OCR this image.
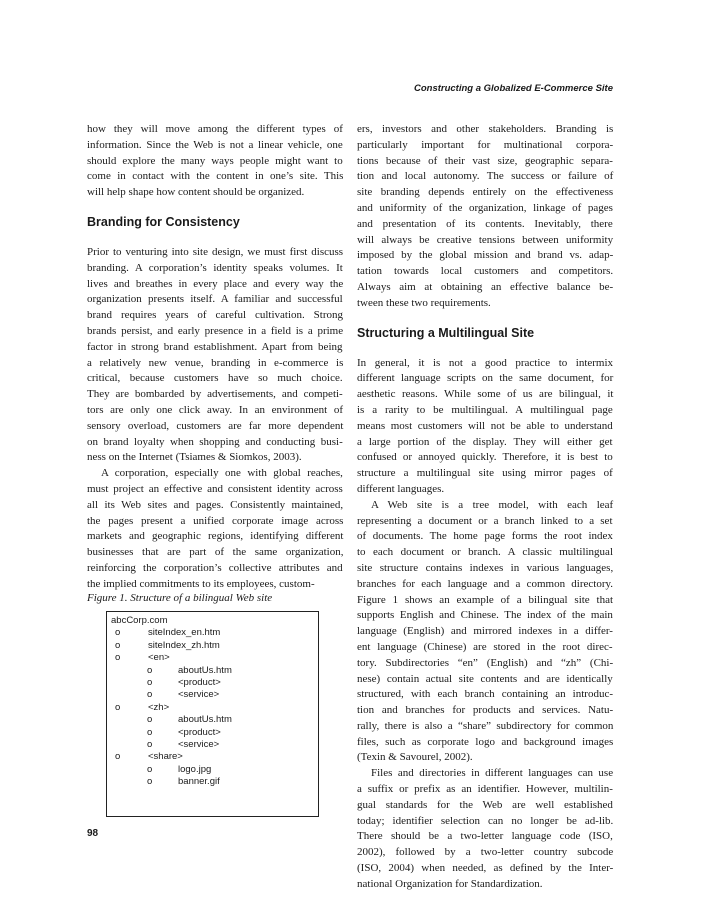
Constructing a Globalized E-Commerce Site
how they will move among the different types of
information. Since the Web is not a linear vehicle, one
should explore the many ways people might want to
come in contact with the content in one’s site. This
will help shape how content should be organized.
Branding for Consistency
Prior to venturing into site design, we must first discuss
branding. A corporation’s identity speaks volumes. It
lives and breathes in every place and every way the
organization presents itself. A familiar and successful
brand requires years of careful cultivation. Strong
brands persist, and early presence in a field is a prime
factor in strong brand establishment. Apart from being
a relatively new venue, branding in e-commerce is
critical, because customers have so much choice.
They are bombarded by advertisements, and competi-
tors are only one click away. In an environment of
sensory overload, customers are far more dependent
on brand loyalty when shopping and conducting busi-
ness on the Internet (Tsiames & Siomkos, 2003).
A corporation, especially one with global reaches,
must project an effective and consistent identity across
all its Web sites and pages. Consistently maintained,
the pages present a unified corporate image across
markets and geographic regions, identifying different
businesses that are part of the same organization,
reinforcing the corporation’s collective attributes and
the implied commitments to its employees, custom-
Figure 1. Structure of a bilingual Web site
abcCorp.com
o	siteIndex_en.htm
o	siteIndex_zh.htm
o	<en>
o	aboutUs.htm
o	<product>
o	<service>
o	<zh>
o	aboutUs.htm
o	<product>
o	<service>
o	<share>
o	logo.jpg
o	banner.gif
ers, investors and other stakeholders. Branding is
particularly important for multinational corpora-
tions because of their vast size, geographic separa-
tion and local autonomy. The success or failure of
site branding depends entirely on the effectiveness
and uniformity of the organization, linkage of pages
and presentation of its contents. Inevitably, there
will always be creative tensions between uniformity
imposed by the global mission and brand vs. adap-
tation towards local customers and competitors.
Always aim at obtaining an effective balance be-
tween these two requirements.
Structuring a Multilingual Site
In general, it is not a good practice to intermix
different language scripts on the same document, for
aesthetic reasons. While some of us are bilingual, it
is a rarity to be multilingual. A multilingual page
means most customers will not be able to understand
a large portion of the display. They will either get
confused or annoyed quickly. Therefore, it is best to
structure a multilingual site using mirror pages of
different languages.
A Web site is a tree model, with each leaf
representing a document or a branch linked to a set
of documents. The home page forms the root index
to each document or branch. A classic multilingual
site structure contains indexes in various languages,
branches for each language and a common directory.
Figure 1 shows an example of a bilingual site that
supports English and Chinese. The index of the main
language (English) and mirrored indexes in a differ-
ent language (Chinese) are stored in the root direc-
tory. Subdirectories “en” (English) and “zh” (Chi-
nese) contain actual site contents and are identically
structured, with each branch containing an introduc-
tion and branches for products and services. Natu-
rally, there is also a “share” subdirectory for common
files, such as corporate logo and background images
(Texin & Savourel, 2002).
Files and directories in different languages can use
a suffix or prefix as an identifier. However, multilin-
gual standards for the Web are well established
today; identifier selection can no longer be ad-lib.
There should be a two-letter language code (ISO,
2002), followed by a two-letter country subcode
(ISO, 2004) when needed, as defined by the Inter-
national Organization for Standardization.
98
